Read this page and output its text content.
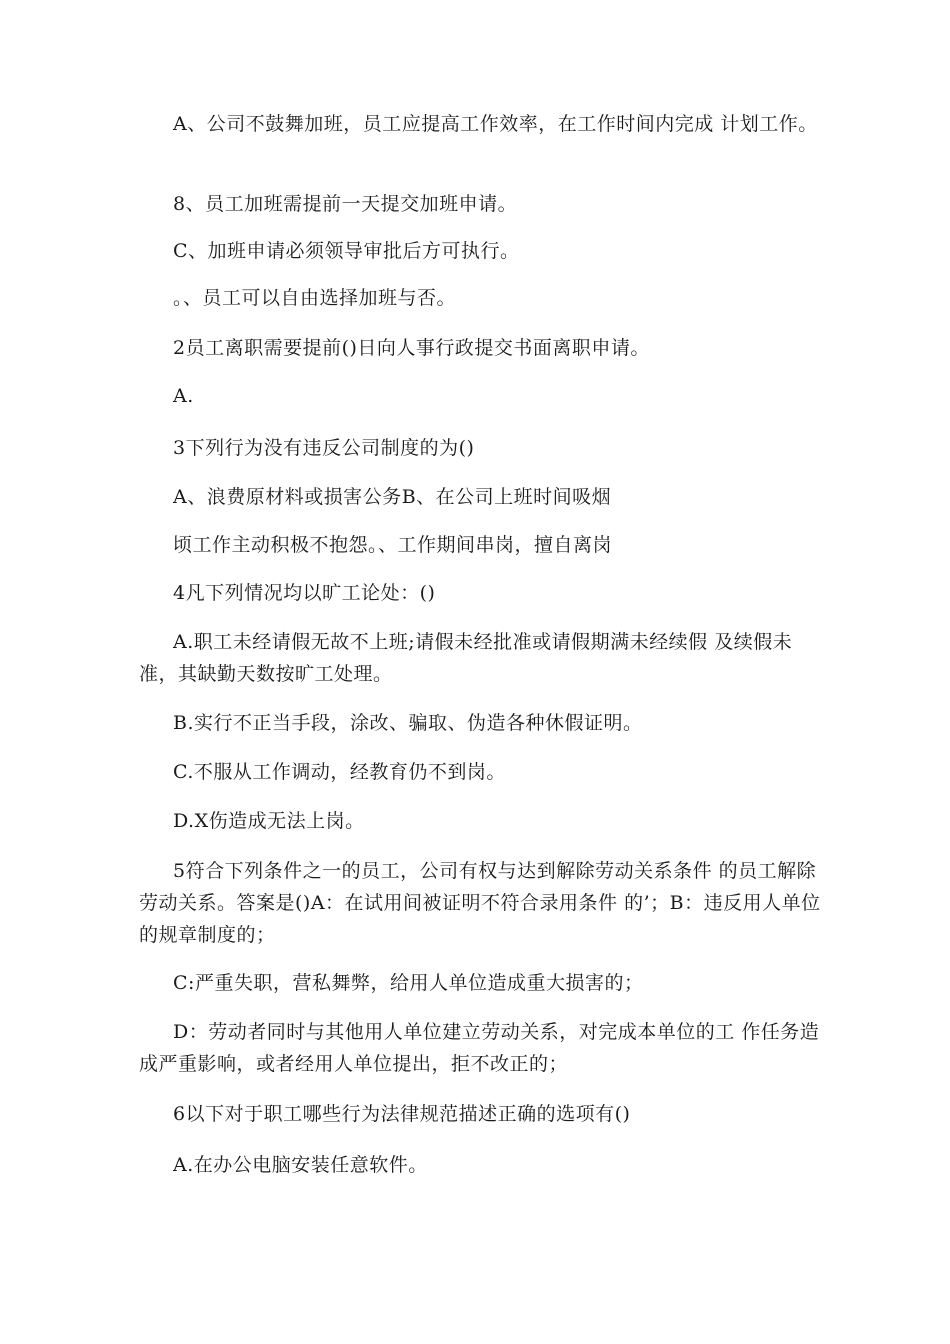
A、公司不鼓舞加班，员工应提高工作效率，在工作时间内完成 计划工作。

8、员工加班需提前一天提交加班申请。

C、加班申请必须领导审批后方可执行。

。、员工可以自由选择加班与否。

2员工离职需要提前()日向人事行政提交书面离职申请。

A.

3下列行为没有违反公司制度的为()

A、浪费原材料或损害公务B、在公司上班时间吸烟

顷工作主动积极不抱怨。、工作期间串岗，擅自离岗

4凡下列情况均以旷工论处：()

A.职工未经请假无故不上班;请假未经批准或请假期满未经续假 及续假未准，其缺勤天数按旷工处理。

B.实行不正当手段，涂改、骗取、伪造各种休假证明。

C.不服从工作调动，经教育仍不到岗。

D.X伤造成无法上岗。

5符合下列条件之一的员工，公司有权与达到解除劳动关系条件 的员工解除劳动关系。答案是()A：在试用间被证明不符合录用条件 的’；B：违反用人单位的规章制度的；

C:严重失职，营私舞弊，给用人单位造成重大损害的；

D：劳动者同时与其他用人单位建立劳动关系，对完成本单位的工 作任务造成严重影响，或者经用人单位提出，拒不改正的；

6以下对于职工哪些行为法律规范描述正确的选项有()

A.在办公电脑安装任意软件。
